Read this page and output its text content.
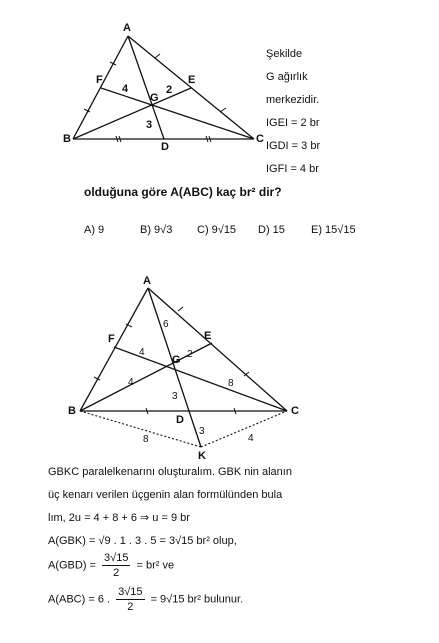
A
B	C
D
E
F
G
4	2
3
Şekilde
G ağırlık
merkezidir.
IGEI = 2 br
IGDI = 3 br
IGFI = 4 br
olduğuna göre A(ABC) kaç br² dir?
A) 9	B) 9√3 C) 9√15 D) 15 E) 15√15
A
B	C
D
E
F
G
K
6
4	2
8
4
3
3
8	4
GBKC paralelkenarını oluşturalım. GBK nin alanın
üç kenarı verilen üçgenin alan formülünden bula
lım, 2u = 4 + 8 + 6 ⇒ u = 9 br
A(GBK) = √9 . 1 . 3 . 5 = 3√15 br² olup,
$A(GBD) = \frac{3√15}{2} = br^2$ ve
A(ABC) = 6 . $\frac{3√15}{2} = 9√15$ br² bulunur.
